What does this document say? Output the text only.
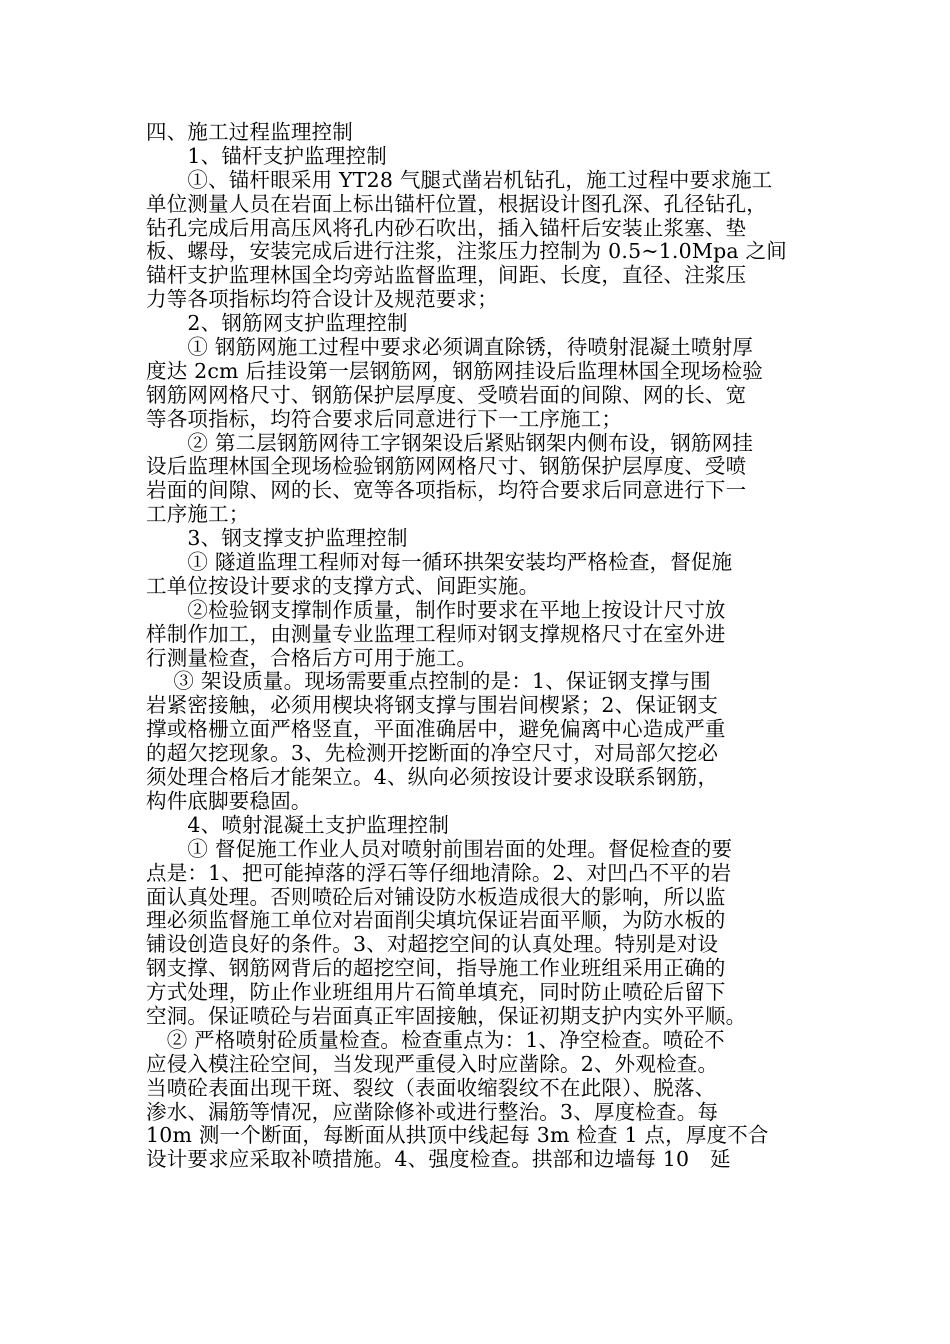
四、施工过程监理控制
　　1、锚杆支护监理控制
　　①、锚杆眼采用 YT28 气腿式凿岩机钻孔，施工过程中要求施工
单位测量人员在岩面上标出锚杆位置，根据设计图孔深、孔径钻孔，
钻孔完成后用高压风将孔内砂石吹出，插入锚杆后安装止浆塞、垫
板、螺母，安装完成后进行注浆，注浆压力控制为 0.5~1.0Mpa 之间
锚杆支护监理林国全均旁站监督监理，间距、长度，直径、注浆压
力等各项指标均符合设计及规范要求；
　　2、钢筋网支护监理控制
　　① 钢筋网施工过程中要求必须调直除锈，待喷射混凝土喷射厚
度达 2cm 后挂设第一层钢筋网，钢筋网挂设后监理林国全现场检验
钢筋网网格尺寸、钢筋保护层厚度、受喷岩面的间隙、网的长、宽
等各项指标，均符合要求后同意进行下一工序施工；
　　② 第二层钢筋网待工字钢架设后紧贴钢架内侧布设，钢筋网挂
设后监理林国全现场检验钢筋网网格尺寸、钢筋保护层厚度、受喷
岩面的间隙、网的长、宽等各项指标，均符合要求后同意进行下一
工序施工；
　　3、钢支撑支护监理控制
　　① 隧道监理工程师对每一循环拱架安装均严格检查，督促施
工单位按设计要求的支撑方式、间距实施。
　　②检验钢支撑制作质量，制作时要求在平地上按设计尺寸放
样制作加工，由测量专业监理工程师对钢支撑规格尺寸在室外进
行测量检查，合格后方可用于施工。
　 ③ 架设质量。现场需要重点控制的是：1、保证钢支撑与围
岩紧密接触，必须用楔块将钢支撑与围岩间楔紧；2、保证钢支
撑或格栅立面严格竖直，平面准确居中，避免偏离中心造成严重
的超欠挖现象。3、先检测开挖断面的净空尺寸，对局部欠挖必
须处理合格后才能架立。4、纵向必须按设计要求设联系钢筋，
构件底脚要稳固。
　　4、喷射混凝土支护监理控制
　　① 督促施工作业人员对喷射前围岩面的处理。督促检查的要
点是：1、把可能掉落的浮石等仔细地清除。2、对凹凸不平的岩
面认真处理。否则喷砼后对铺设防水板造成很大的影响，所以监
理必须监督施工单位对岩面削尖填坑保证岩面平顺，为防水板的
铺设创造良好的条件。3、对超挖空间的认真处理。特别是对设
钢支撑、钢筋网背后的超挖空间，指导施工作业班组采用正确的
方式处理，防止作业班组用片石简单填充，同时防止喷砼后留下
空洞。保证喷砼与岩面真正牢固接触，保证初期支护内实外平顺。
　② 严格喷射砼质量检查。检查重点为：1、净空检查。喷砼不
应侵入模注砼空间，当发现严重侵入时应凿除。2、外观检查。
当喷砼表面出现干斑、裂纹（表面收缩裂纹不在此限）、脱落、
渗水、漏筋等情况，应凿除修补或进行整治。3、厚度检查。每
10m 测一个断面，每断面从拱顶中线起每 3m 检查 1 点，厚度不合
设计要求应采取补喷措施。4、强度检查。拱部和边墙每 10　延
